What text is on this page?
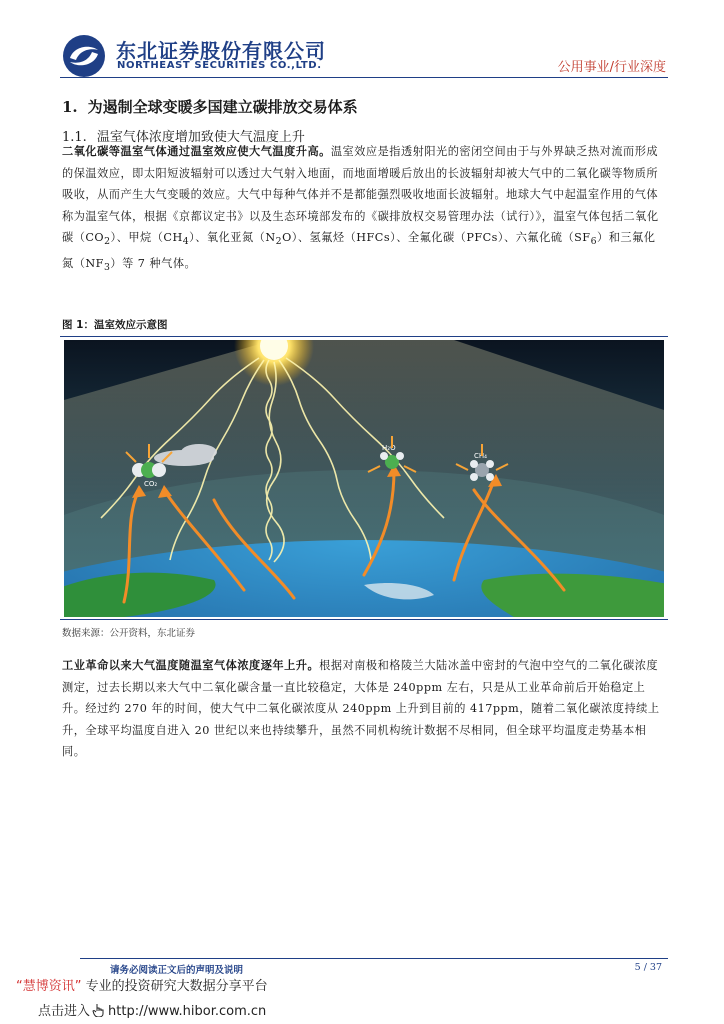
东北证券股份有限公司
NORTHEAST SECURITIES CO.,LTD.	公用事业/行业深度
1. 为遏制全球变暖多国建立碳排放交易体系
1.1. 温室气体浓度增加致使大气温度上升
二氧化碳等温室气体通过温室效应使大气温度升高。温室效应是指透射阳光的密闭空间由于与外界缺乏热对流而形成的保温效应，即太阳短波辐射可以透过大气射入地面，而地面增暖后放出的长波辐射却被大气中的二氧化碳等物质所吸收，从而产生大气变暖的效应。大气中每种气体并不是都能强烈吸收地面长波辐射。地球大气中起温室作用的气体称为温室气体，根据《京都议定书》以及生态环境部发布的《碳排放权交易管理办法（试行）》，温室气体包括二氧化碳$(CO_2)$、甲烷$(CH_4)$、氧化亚氮$(N_2O)$、氢氟烃（HFCs）、全氟化碳（PFCs）、六氟化硫$(SF_6)$和三氟化氮$(NF_3)$等 7 种气体。
图 1：温室效应示意图
CO₂
H₂O
CH₄
数据来源：公开资料，东北证券
工业革命以来大气温度随温室气体浓度逐年上升。根据对南极和格陵兰大陆冰盖中密封的气泡中空气的二氧化碳浓度测定，过去长期以来大气中二氧化碳含量一直比较稳定，大体是 240ppm 左右，只是从工业革命前后开始稳定上升。经过约 270 年的时间，使大气中二氧化碳浓度从 240ppm 上升到目前的 417ppm，随着二氧化碳浓度持续上升，全球平均温度自进入 20 世纪以来也持续攀升，虽然不同机构统计数据不尽相同，但全球平均温度走势基本相同。
请务必阅读正文后的声明及说明	5 / 37
“慧博资讯” 专业的投资研究大数据分享平台
点击进入 http://www.hibor.com.cn
